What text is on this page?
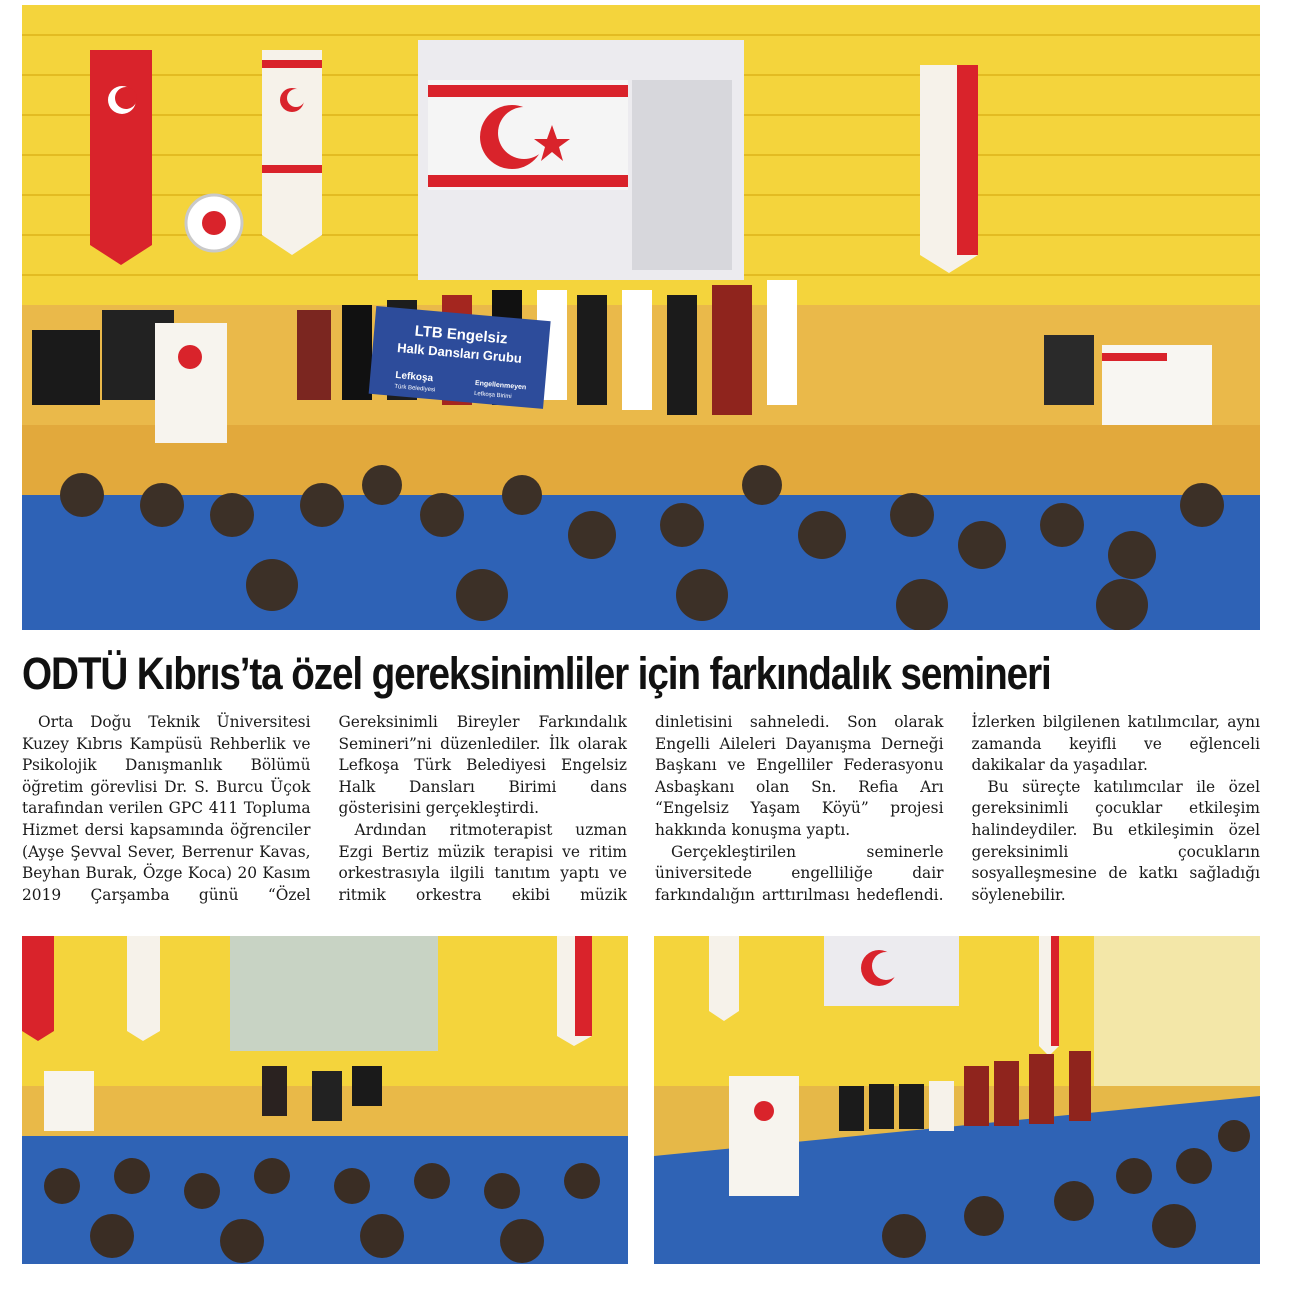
LTB Engelsiz
Halk Dansları Grubu
Lefkoşa
Türk Belediyesi	Engellenmeyen
Lefkoşa Birimi
ODTÜ Kıbrıs’ta özel gereksinimliler için farkındalık semineri

Orta Doğu Teknik Üniversitesi Kuzey Kıbrıs Kampüsü Rehberlik ve Psikolojik Danışmanlık Bölümü öğretim görevlisi Dr. S. Burcu Üçok tarafından verilen GPC 411 Topluma Hizmet dersi kapsamında öğrenciler (Ayşe Şevval Sever, Berrenur Kavas, Beyhan Burak, Özge Koca) 20 Kasım 2019 Çarşamba günü “Özel Gereksinimli Bireyler Farkındalık Semineri”ni düzenlediler. İlk olarak Lefkoşa Türk Belediyesi Engelsiz Halk Dansları Birimi dans gösterisini gerçekleştirdi.

Ardından ritmoterapist uzman Ezgi Bertiz müzik terapisi ve ritim orkestrasıyla ilgili tanıtım yaptı ve ritmik orkestra ekibi müzik dinletisini sahneledi. Son olarak Engelli Aileleri Dayanışma Derneği Başkanı ve Engelliler Federasyonu Asbaşkanı olan Sn. Refia Arı “Engelsiz Yaşam Köyü” projesi hakkında konuşma yaptı.

Gerçekleştirilen seminerle üniversitede engelliliğe dair farkındalığın arttırılması hedeflendi. İzlerken bilgilenen katılımcılar, aynı zamanda keyifli ve eğlenceli dakikalar da yaşadılar.

Bu süreçte katılımcılar ile özel gereksinimli çocuklar etkileşim halindeydiler. Bu etkileşimin özel gereksinimli çocukların sosyalleşmesine de katkı sağladığı söylenebilir.
